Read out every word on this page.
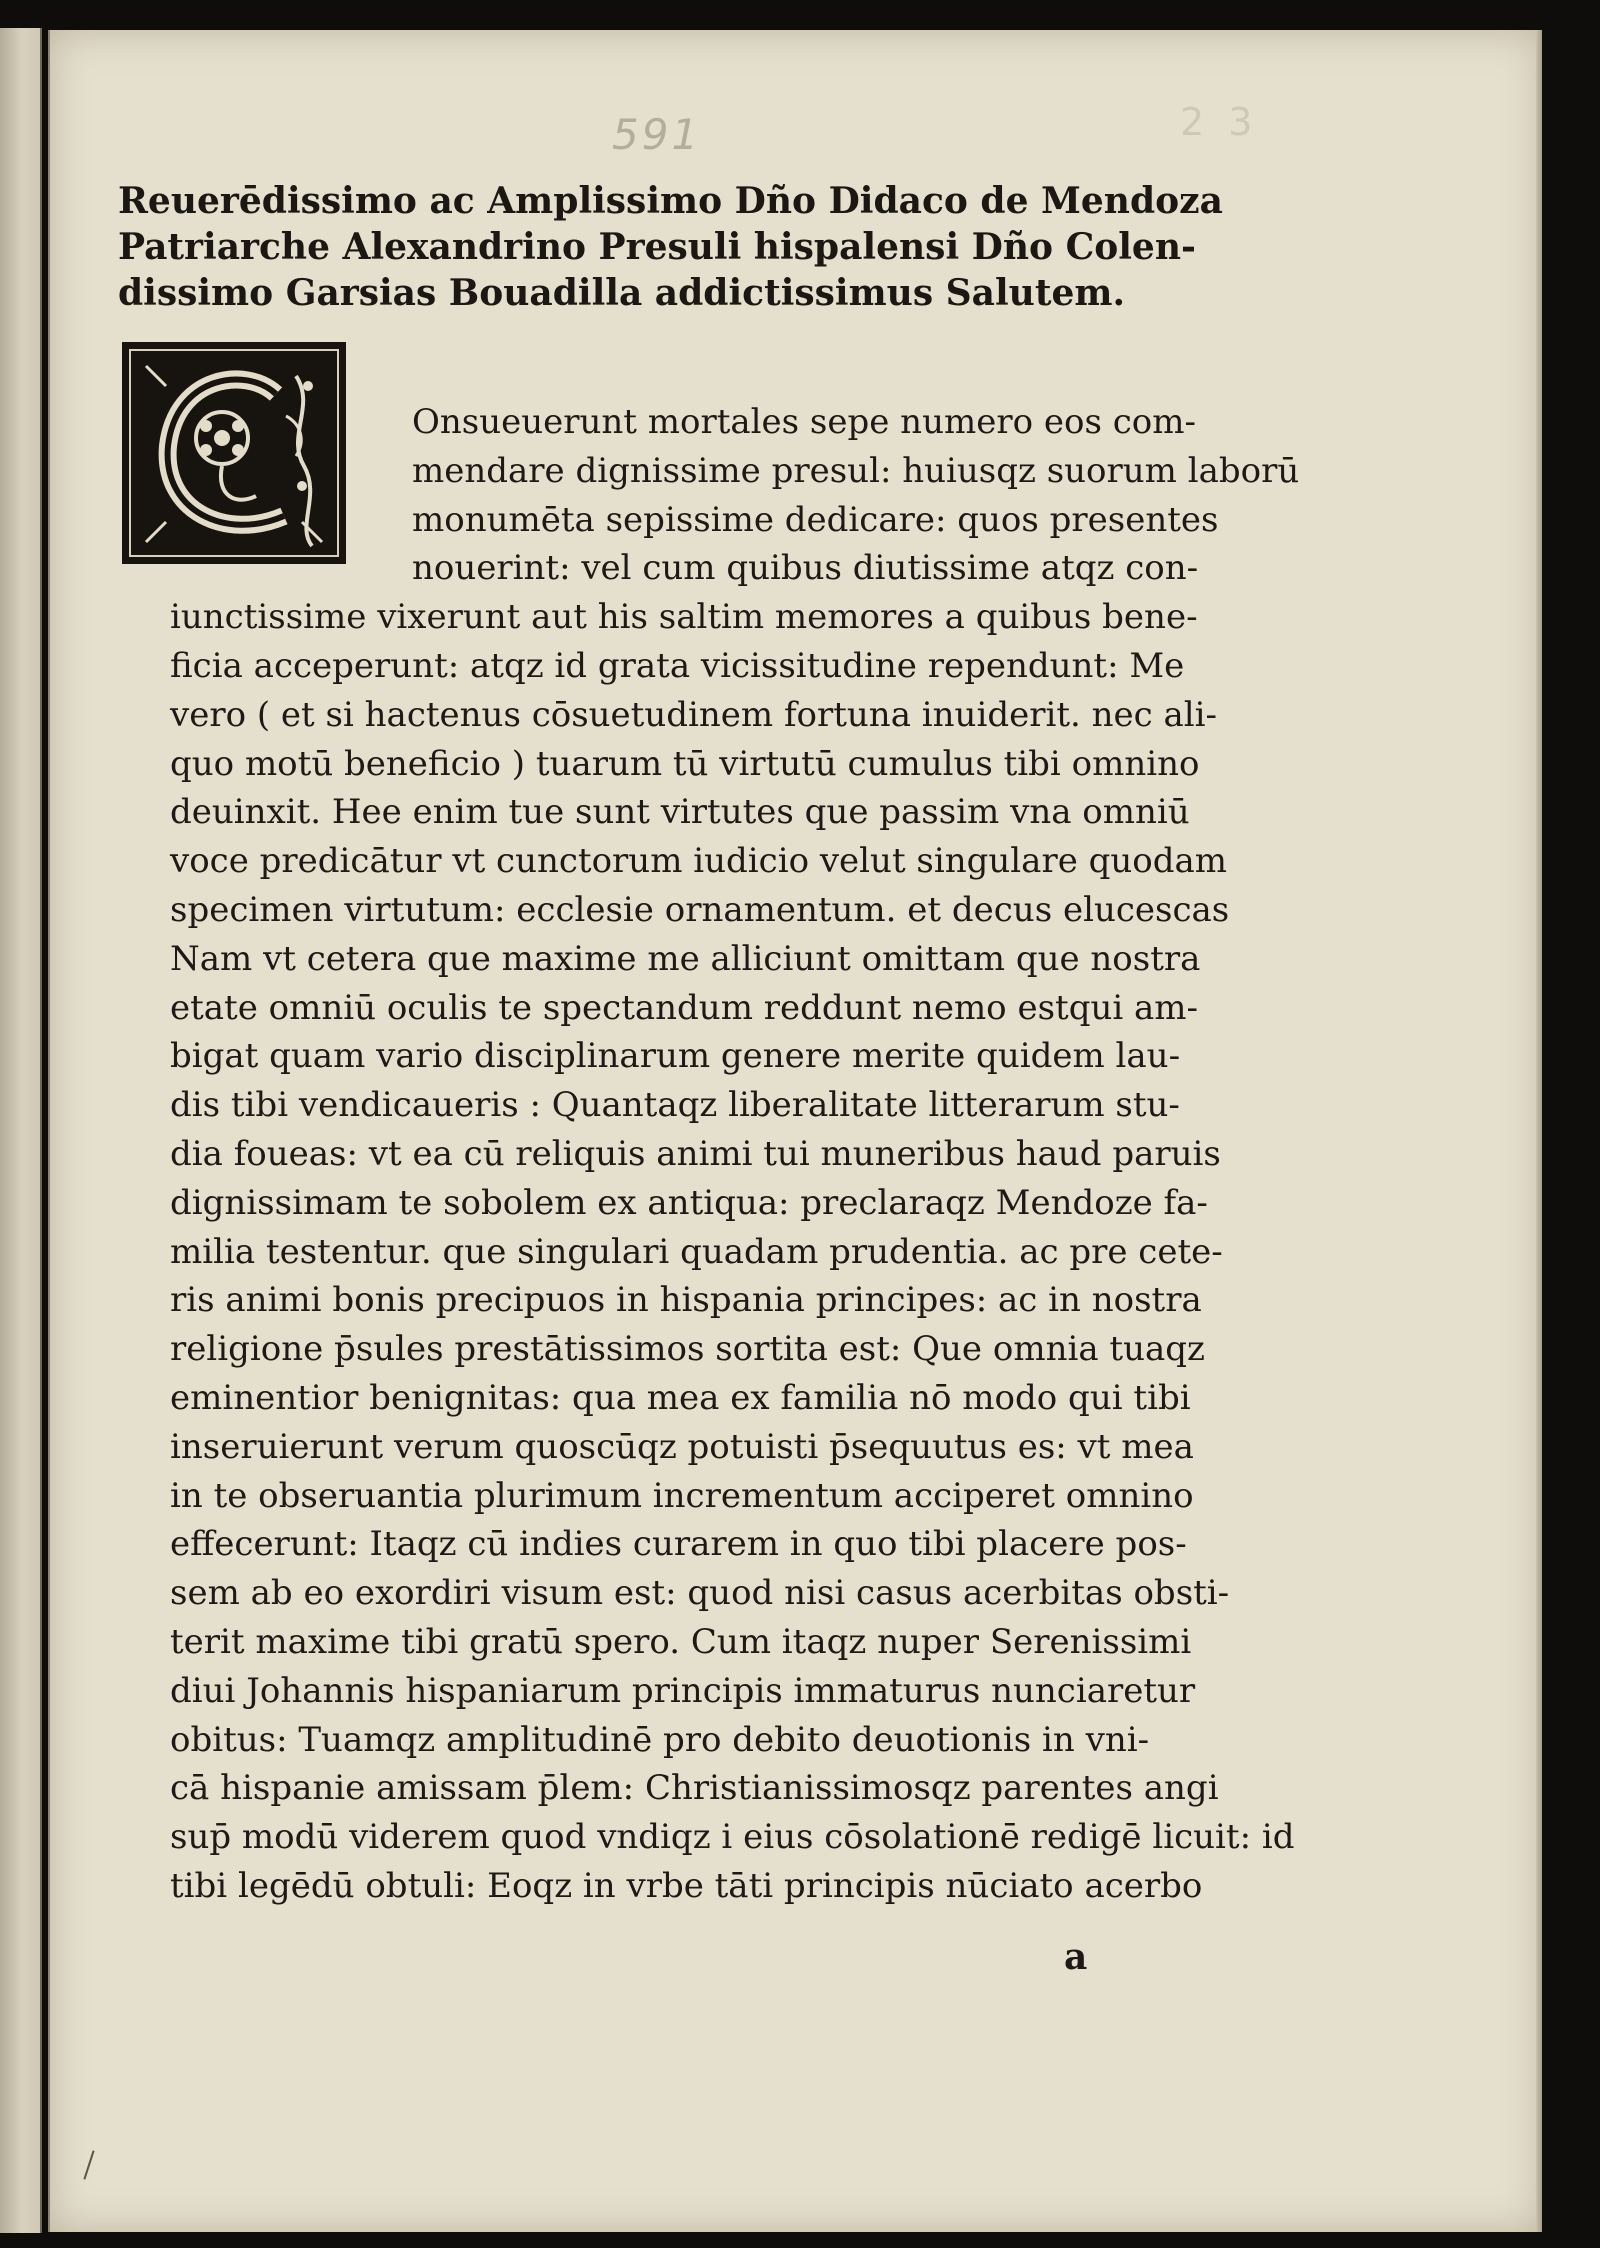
591	2 3
Reuerēdissimo ac Amplissimo Dño Didaco de Mendoza
Patriarche Alexandrino Presuli hispalensi Dño Colen-
dissimo Garsias Bouadilla addictissimus Salutem.
Onsueuerunt mortales sepe numero eos com-
mendare dignissime presul: huiusqz suorum laborū
monumēta sepissime dedicare: quos presentes
nouerint: vel cum quibus diutissime atqz con-
iunctissime vixerunt aut his saltim memores a quibus bene-
ficia acceperunt: atqz id grata vicissitudine rependunt: Me
vero ( et si hactenus cōsuetudinem fortuna inuiderit. nec ali-
quo motū beneficio ) tuarum tū virtutū cumulus tibi omnino
deuinxit. Hee enim tue sunt virtutes que passim vna omniū
voce predicātur vt cunctorum iudicio velut singulare quodam
specimen virtutum: ecclesie ornamentum. et decus elucescas
Nam vt cetera que maxime me alliciunt omittam que nostra
etate omniū oculis te spectandum reddunt nemo estqui am-
bigat quam vario disciplinarum genere merite quidem lau-
dis tibi vendicaueris : Quantaqz liberalitate litterarum stu-
dia foueas: vt ea cū reliquis animi tui muneribus haud paruis
dignissimam te sobolem ex antiqua: preclaraqz Mendoze fa-
milia testentur. que singulari quadam prudentia. ac pre cete-
ris animi bonis precipuos in hispania principes: ac in nostra
religione p̄sules prestātissimos sortita est: Que omnia tuaqz
eminentior benignitas: qua mea ex familia nō modo qui tibi
inseruierunt verum quoscūqz potuisti p̄sequutus es: vt mea
in te obseruantia plurimum incrementum acciperet omnino
effecerunt: Itaqz cū indies curarem in quo tibi placere pos-
sem ab eo exordiri visum est: quod nisi casus acerbitas obsti-
terit maxime tibi gratū spero. Cum itaqz nuper Serenissimi
diui Johannis hispaniarum principis immaturus nunciaretur
obitus: Tuamqz amplitudinē pro debito deuotionis in vni-
cā hispanie amissam p̄lem: Christianissimosqz parentes angi
sup̄ modū viderem quod vndiqz i eius cōsolationē redigē licuit: id
tibi legēdū obtuli: Eoqz in vrbe tāti principis nūciato acerbo
a
